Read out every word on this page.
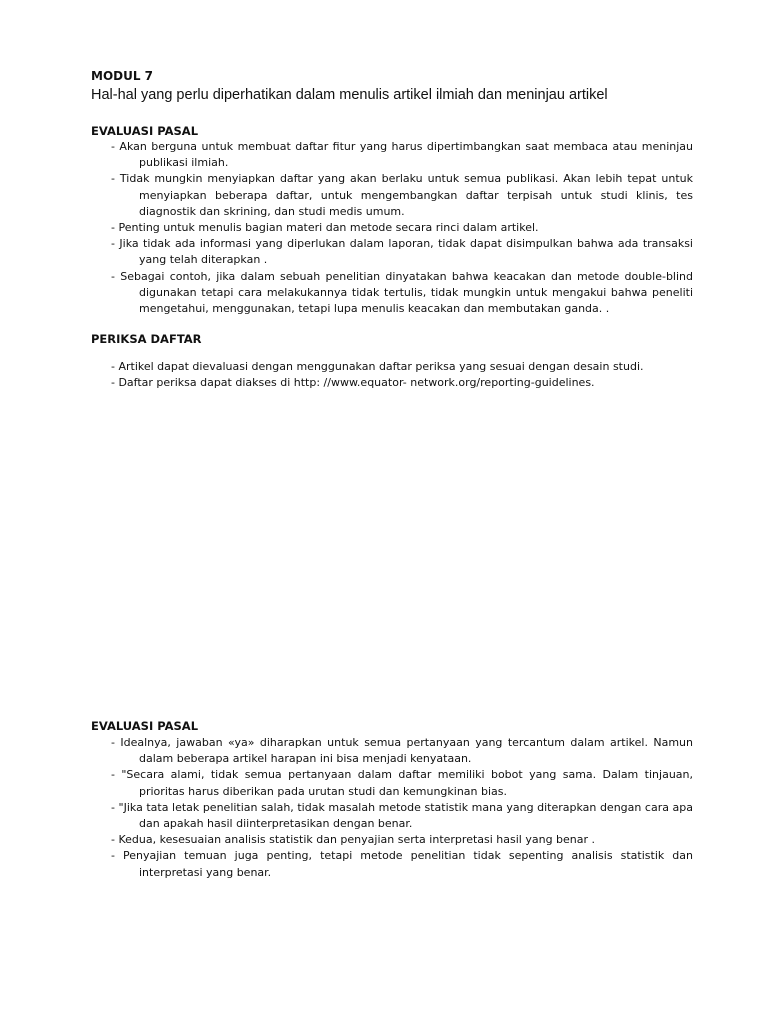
MODUL 7

Hal-hal yang perlu diperhatikan dalam menulis artikel ilmiah dan meninjau artikel

EVALUASI PASAL

- Akan berguna untuk membuat daftar fitur yang harus dipertimbangkan saat membaca atau meninjau publikasi ilmiah.
- Tidak mungkin menyiapkan daftar yang akan berlaku untuk semua publikasi. Akan lebih tepat untuk menyiapkan beberapa daftar, untuk mengembangkan daftar terpisah untuk studi klinis, tes diagnostik dan skrining, dan studi medis umum.
- Penting untuk menulis bagian materi dan metode secara rinci dalam artikel.
- Jika tidak ada informasi yang diperlukan dalam laporan, tidak dapat disimpulkan bahwa ada transaksi yang telah diterapkan .
- Sebagai contoh, jika dalam sebuah penelitian dinyatakan bahwa keacakan dan metode double-blind digunakan tetapi cara melakukannya tidak tertulis, tidak mungkin untuk mengakui bahwa peneliti mengetahui, menggunakan, tetapi lupa menulis keacakan dan membutakan ganda. .

PERIKSA DAFTAR

- Artikel dapat dievaluasi dengan menggunakan daftar periksa yang sesuai dengan desain studi.
- Daftar periksa dapat diakses di http: //www.equator- network.org/reporting-guidelines.

EVALUASI PASAL

- Idealnya, jawaban «ya» diharapkan untuk semua pertanyaan yang tercantum dalam artikel. Namun dalam beberapa artikel harapan ini bisa menjadi kenyataan.
- "Secara alami, tidak semua pertanyaan dalam daftar memiliki bobot yang sama. Dalam tinjauan, prioritas harus diberikan pada urutan studi dan kemungkinan bias.
- "Jika tata letak penelitian salah, tidak masalah metode statistik mana yang diterapkan dengan cara apa dan apakah hasil diinterpretasikan dengan benar.
- Kedua, kesesuaian analisis statistik dan penyajian serta interpretasi hasil yang benar .
- Penyajian temuan juga penting, tetapi metode penelitian tidak sepenting analisis statistik dan interpretasi yang benar.
